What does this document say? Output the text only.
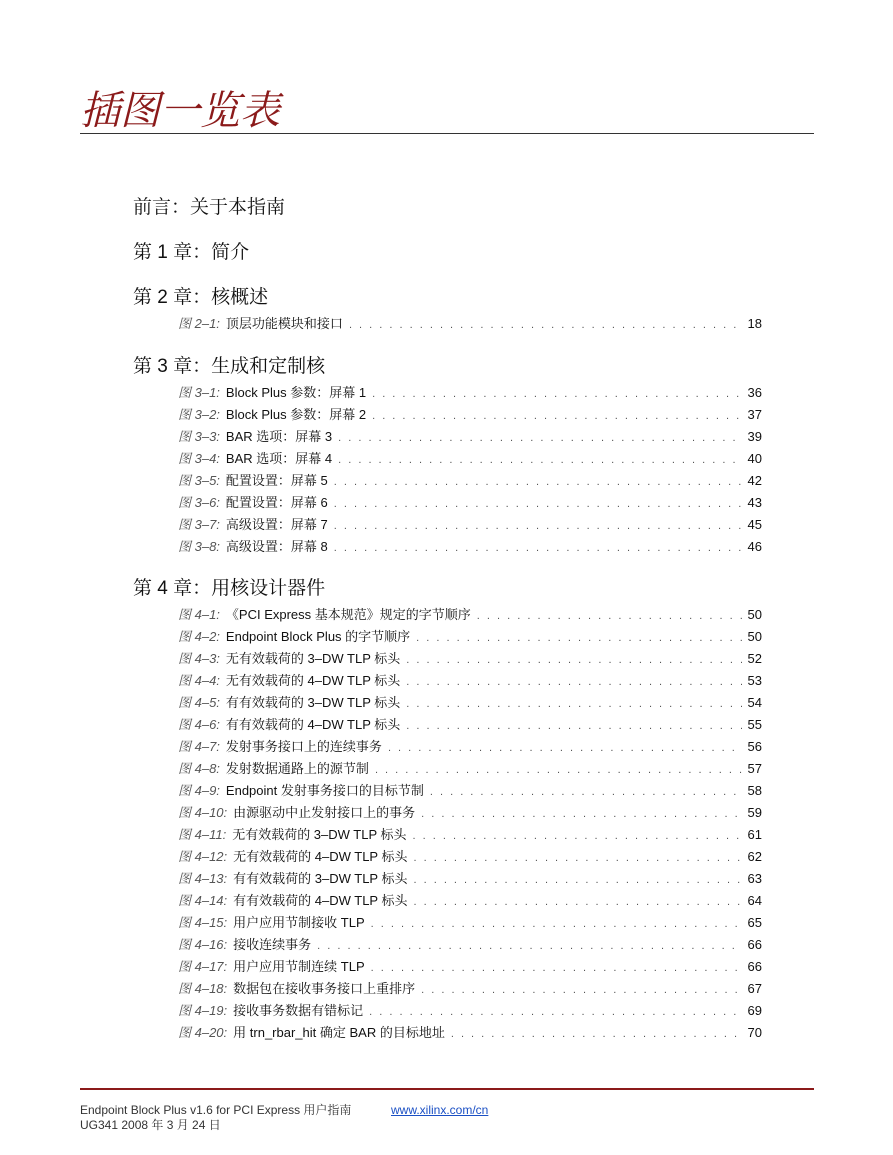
插图一览表
前言：关于本指南
第 1 章：简介
第 2 章：核概述
图 2–1: 顶层功能模块和接口 . . .	18
第 3 章：生成和定制核
图 3–1: Block Plus 参数：屏幕 1 . . .	36
图 3–2: Block Plus 参数：屏幕 2 . . .	37
图 3–3: BAR 选项：屏幕 3 . . .	39
图 3–4: BAR 选项：屏幕 4 . . .	40
图 3–5: 配置设置：屏幕 5 . . .	42
图 3–6: 配置设置：屏幕 6 . . .	43
图 3–7: 高级设置：屏幕 7 . . .	45
图 3–8: 高级设置：屏幕 8 . . .	46
第 4 章：用核设计器件
图 4–1: 《PCI Express 基本规范》规定的字节顺序 . . .	50
图 4–2: Endpoint Block Plus 的字节顺序 . . .	50
图 4–3: 无有效载荷的 3–DW TLP 标头 . . .	52
图 4–4: 无有效载荷的 4–DW TLP 标头 . . .	53
图 4–5: 有有效载荷的 3–DW TLP 标头 . . .	54
图 4–6: 有有效载荷的 4–DW TLP 标头 . . .	55
图 4–7: 发射事务接口上的连续事务 . . .	56
图 4–8: 发射数据通路上的源节制 . . .	57
图 4–9: Endpoint 发射事务接口的目标节制 . . .	58
图 4–10: 由源驱动中止发射接口上的事务 . . .	59
图 4–11: 无有效载荷的 3–DW TLP 标头 . . .	61
图 4–12: 无有效载荷的 4–DW TLP 标头 . . .	62
图 4–13: 有有效载荷的 3–DW TLP 标头 . . .	63
图 4–14: 有有效载荷的 4–DW TLP 标头 . . .	64
图 4–15: 用户应用节制接收 TLP . . .	65
图 4–16: 接收连续事务 . . .	66
图 4–17: 用户应用节制连续 TLP . . .	66
图 4–18: 数据包在接收事务接口上重排序 . . .	67
图 4–19: 接收事务数据有错标记 . . .	69
图 4–20: 用 trn_rbar_hit 确定 BAR 的目标地址 . . .	70
Endpoint Block Plus v1.6 for PCI Express 用户指南
UG341 2008 年 3 月 24 日
www.xilinx.com/cn
